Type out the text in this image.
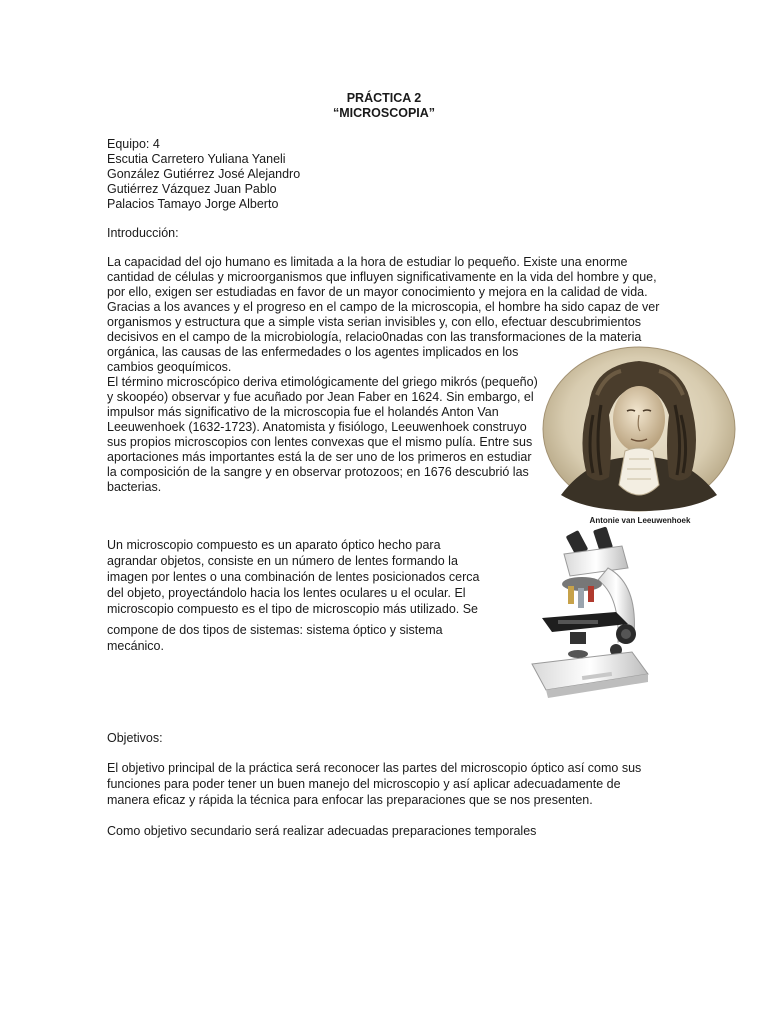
PRÁCTICA 2
“MICROSCOPIA”

Equipo: 4

Escutia Carretero Yuliana Yaneli

González Gutiérrez José Alejandro

Gutiérrez Vázquez Juan Pablo

Palacios Tamayo Jorge Alberto

Introducción:

La capacidad del ojo humano es limitada a la hora de estudiar lo pequeño. Existe una enorme

cantidad de células y microorganismos que influyen significativamente en la vida del hombre y que,

por ello, exigen ser estudiadas en favor de un mayor conocimiento y mejora en la calidad de vida.

Gracias a los avances y el progreso en el campo de la microscopia, el hombre ha sido capaz de ver

organismos y estructura que a simple vista serian invisibles y, con ello, efectuar descubrimientos

decisivos en el campo de la microbiología, relacio0nadas con las transformaciones de la materia

orgánica, las causas de las enfermedades o los agentes implicados en los

cambios geoquímicos.

El término microscópico deriva etimológicamente del griego mikrós (pequeño)

y skoopéo) observar y fue acuñado por Jean Faber en 1624. Sin embargo, el

impulsor más significativo de la microscopia fue el holandés Anton Van

Leeuwenhoek (1632-1723). Anatomista y fisiólogo, Leeuwenhoek construyo

sus propios microscopios con lentes convexas que el mismo pulía. Entre sus

aportaciones más importantes está la de ser uno de los primeros en estudiar

la composición de la sangre y en observar protozoos; en 1676 descubrió las

bacterias.

Antonie van Leeuwenhoek

Un microscopio compuesto es un aparato óptico hecho para

agrandar objetos, consiste en un número de lentes formando la

imagen por lentes o una combinación de lentes posicionados cerca

del objeto, proyectándolo hacia los lentes oculares u el ocular. El

microscopio compuesto es el tipo de microscopio más utilizado. Se

compone de dos tipos de sistemas: sistema óptico y sistema

mecánico.

Objetivos:

El objetivo principal de la práctica será reconocer las partes del microscopio óptico así como sus

funciones para poder tener un buen manejo del microscopio y así aplicar adecuadamente de

manera eficaz y rápida la técnica para enfocar las preparaciones que se nos presenten.

Como objetivo secundario será realizar adecuadas preparaciones temporales
